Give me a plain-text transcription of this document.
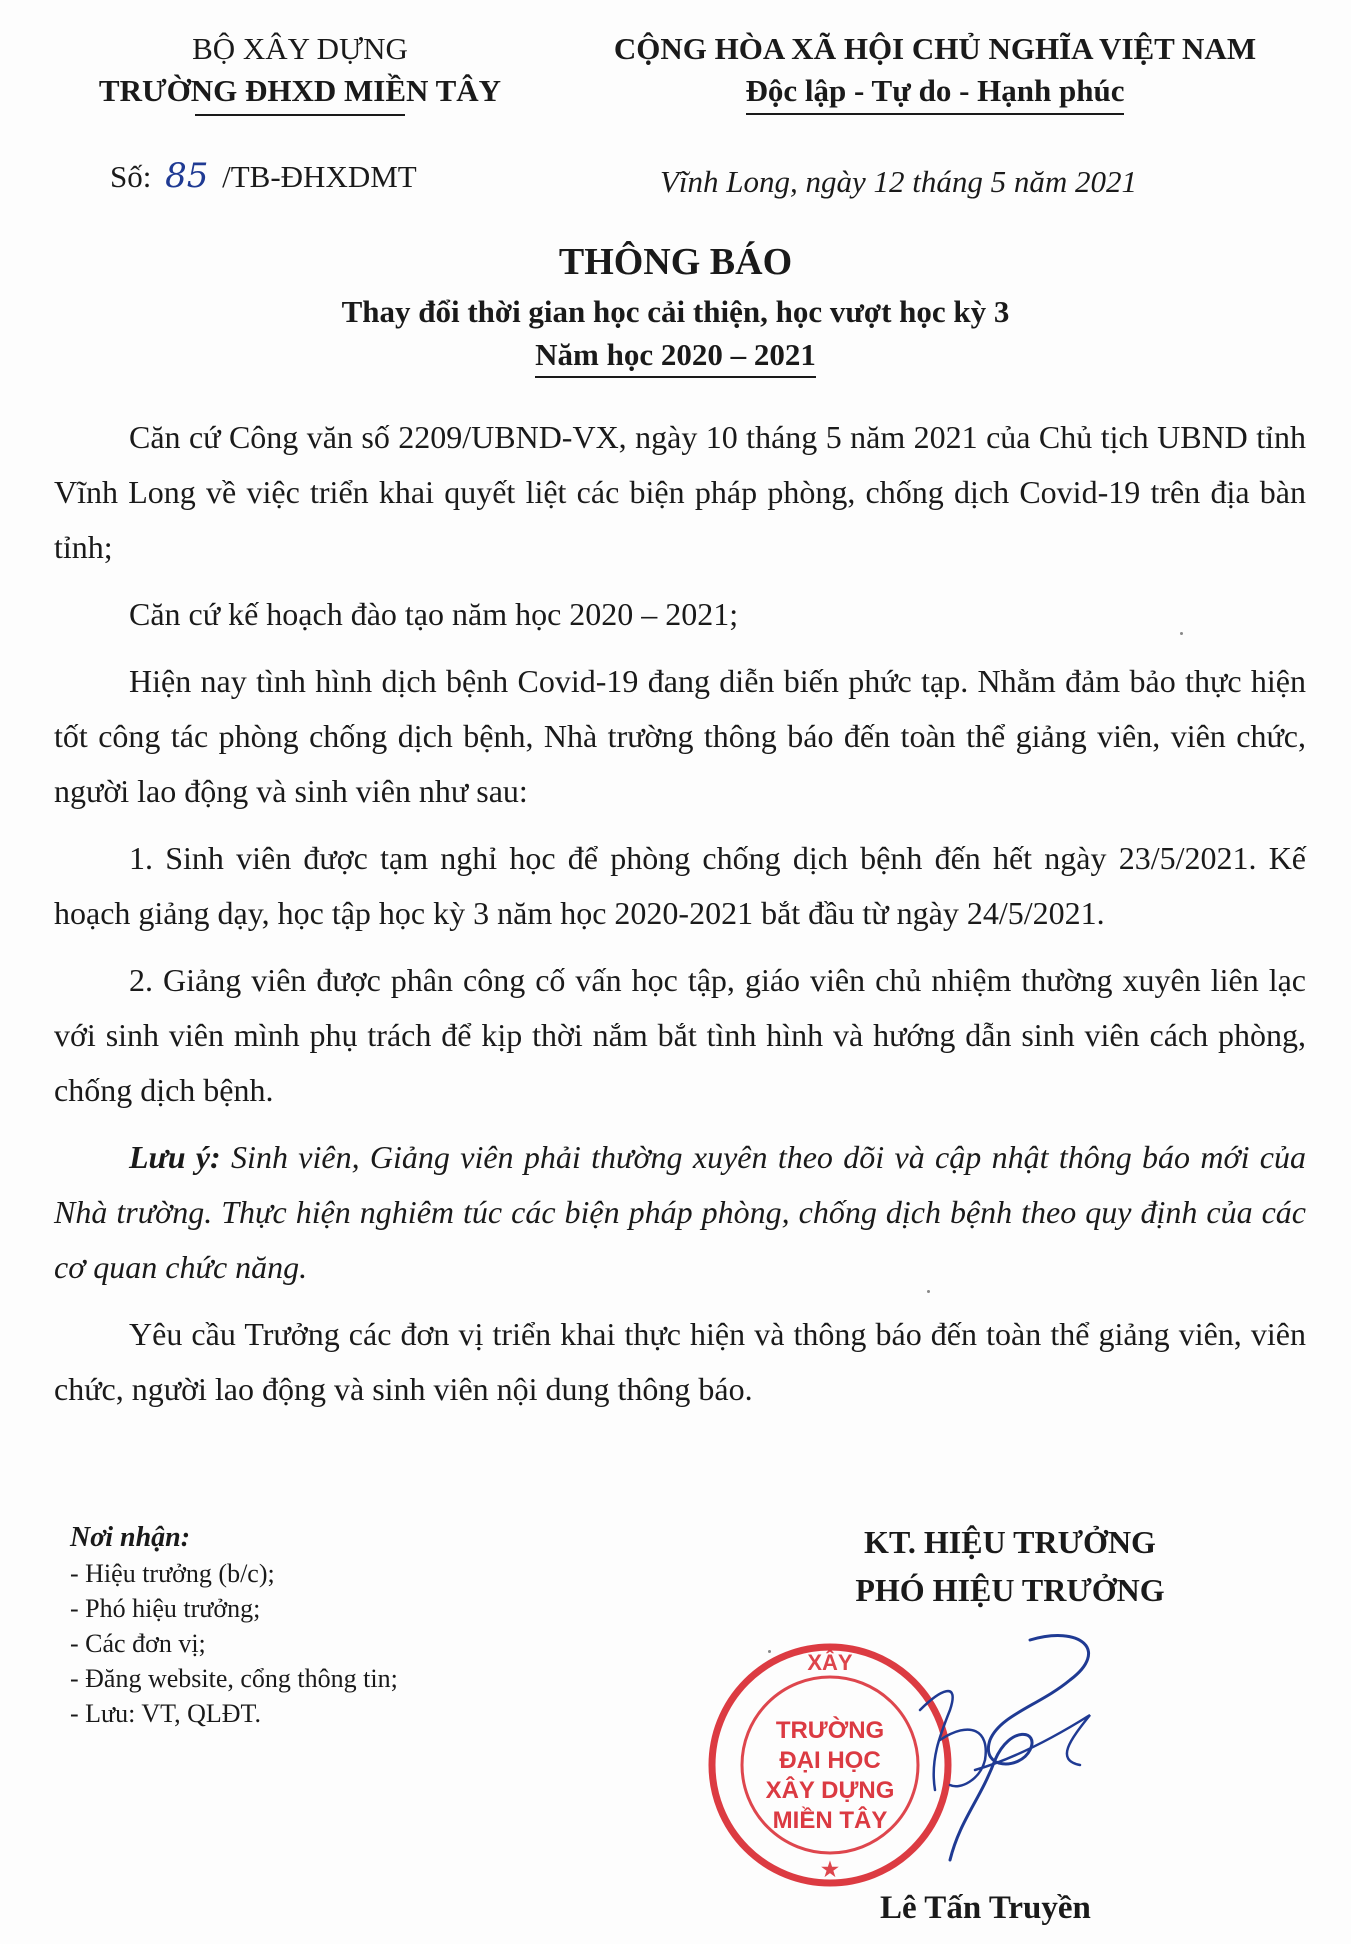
BỘ XÂY DỰNG
TRƯỜNG ĐHXD MIỀN TÂY
CỘNG HÒA XÃ HỘI CHỦ NGHĨA VIỆT NAM
Độc lập - Tự do - Hạnh phúc
Số: 85 /TB-ĐHXDMT	Vĩnh Long, ngày 12 tháng 5 năm 2021
THÔNG BÁO
Thay đổi thời gian học cải thiện, học vượt học kỳ 3
Năm học 2020 – 2021

Căn cứ Công văn số 2209/UBND-VX, ngày 10 tháng 5 năm 2021 của Chủ tịch UBND tỉnh Vĩnh Long về việc triển khai quyết liệt các biện pháp phòng, chống dịch Covid-19 trên địa bàn tỉnh;

Căn cứ kế hoạch đào tạo năm học 2020 – 2021;

Hiện nay tình hình dịch bệnh Covid-19 đang diễn biến phức tạp. Nhằm đảm bảo thực hiện tốt công tác phòng chống dịch bệnh, Nhà trường thông báo đến toàn thể giảng viên, viên chức, người lao động và sinh viên như sau:

1. Sinh viên được tạm nghỉ học để phòng chống dịch bệnh đến hết ngày 23/5/2021. Kế hoạch giảng dạy, học tập học kỳ 3 năm học 2020-2021 bắt đầu từ ngày 24/5/2021.

2. Giảng viên được phân công cố vấn học tập, giáo viên chủ nhiệm thường xuyên liên lạc với sinh viên mình phụ trách để kịp thời nắm bắt tình hình và hướng dẫn sinh viên cách phòng, chống dịch bệnh.

Lưu ý: Sinh viên, Giảng viên phải thường xuyên theo dõi và cập nhật thông báo mới của Nhà trường. Thực hiện nghiêm túc các biện pháp phòng, chống dịch bệnh theo quy định của các cơ quan chức năng.

Yêu cầu Trưởng các đơn vị triển khai thực hiện và thông báo đến toàn thể giảng viên, viên chức, người lao động và sinh viên nội dung thông báo.

Nơi nhận:
- Hiệu trưởng (b/c);
- Phó hiệu trưởng;
- Các đơn vị;
- Đăng website, cổng thông tin;
- Lưu: VT, QLĐT.
KT. HIỆU TRƯỞNG
PHÓ HIỆU TRƯỞNG
XÂY
TRƯỜNG
ĐẠI HỌC
XÂY DỰNG
MIỀN TÂY
★
Lê Tấn Truyền
